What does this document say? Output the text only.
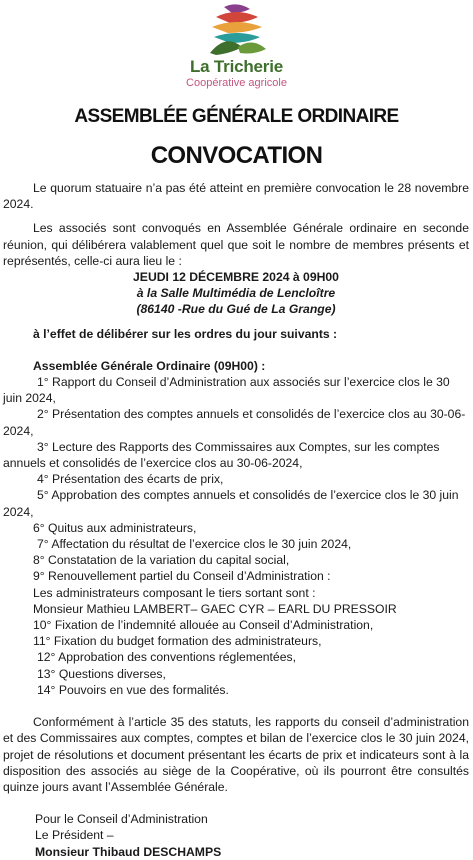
La Tricherie
Coopérative agricole
ASSEMBLÉE GÉNÉRALE ORDINAIRE
CONVOCATION

Le quorum statuaire n’a pas été atteint en première convocation le 28 novembre 2024.

Les associés sont convoqués en Assemblée Générale ordinaire en seconde réunion, qui délibérera valablement quel que soit le nombre de membres présents et représentés, celle-ci aura lieu le :

JEUDI 12 DÉCEMBRE 2024 à 09H00

à la Salle Multimédia de Lencloître

(86140 -Rue du Gué de La Grange)

à l’effet de délibérer sur les ordres du jour suivants :

Assemblée Générale Ordinaire (09H00) :

1° Rapport du Conseil d’Administration aux associés sur l’exercice clos le 30 juin 2024,

2° Présentation des comptes annuels et consolidés de l’exercice clos au 30-06-2024,

3° Lecture des Rapports des Commissaires aux Comptes, sur les comptes annuels et consolidés de l’exercice clos au 30-06-2024,

4° Présentation des écarts de prix,

5° Approbation des comptes annuels et consolidés de l’exercice clos le 30 juin 2024,

6° Quitus aux administrateurs,

7° Affectation du résultat de l’exercice clos le 30 juin 2024,

8° Constatation de la variation du capital social,

9° Renouvellement partiel du Conseil d’Administration :

Les administrateurs composant le tiers sortant sont :

Monsieur Mathieu LAMBERT– GAEC CYR – EARL DU PRESSOIR

10° Fixation de l’indemnité allouée au Conseil d’Administration,

11° Fixation du budget formation des administrateurs,

12° Approbation des conventions réglementées,

13° Questions diverses,

14° Pouvoirs en vue des formalités.

Conformément à l’article 35 des statuts, les rapports du conseil d’administration et des Commissaires aux comptes, comptes et bilan de l’exercice clos le 30 juin 2024, projet de résolutions et document présentant les écarts de prix et indicateurs sont à la disposition des associés au siège de la Coopérative, où ils pourront être consultés quinze jours avant l’Assemblée Générale.

Pour le Conseil d’Administration

Le Président –

Monsieur Thibaud DESCHAMPS
